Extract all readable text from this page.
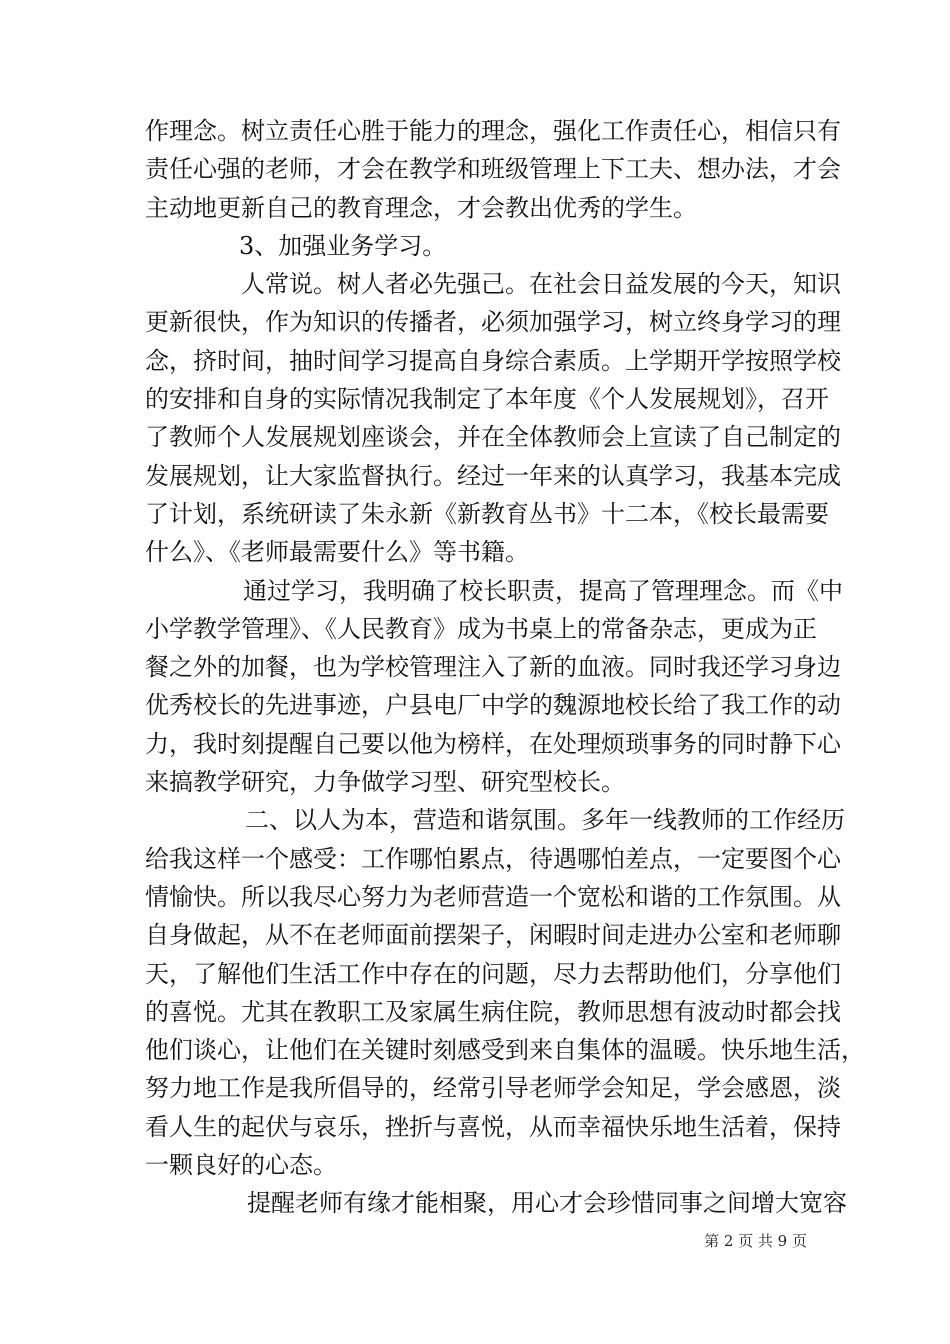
作理念。树立责任心胜于能力的理念，强化工作责任心，相信只有
责任心强的老师，才会在教学和班级管理上下工夫、想办法，才会
主动地更新自己的教育理念，才会教出优秀的学生。
3、加强业务学习。
人常说。树人者必先强己。在社会日益发展的今天，知识
更新很快，作为知识的传播者，必须加强学习，树立终身学习的理
念，挤时间，抽时间学习提高自身综合素质。上学期开学按照学校
的安排和自身的实际情况我制定了本年度《个人发展规划》，召开
了教师个人发展规划座谈会，并在全体教师会上宣读了自己制定的
发展规划，让大家监督执行。经过一年来的认真学习，我基本完成
了计划，系统研读了朱永新《新教育丛书》十二本，《校长最需要
什么》、《老师最需要什么》等书籍。
通过学习，我明确了校长职责，提高了管理理念。而《中
小学教学管理》、《人民教育》成为书桌上的常备杂志，更成为正
餐之外的加餐，也为学校管理注入了新的血液。同时我还学习身边
优秀校长的先进事迹，户县电厂中学的魏源地校长给了我工作的动
力，我时刻提醒自己要以他为榜样，在处理烦琐事务的同时静下心
来搞教学研究，力争做学习型、研究型校长。
二、以人为本，营造和谐氛围。多年一线教师的工作经历
给我这样一个感受：工作哪怕累点，待遇哪怕差点，一定要图个心
情愉快。所以我尽心努力为老师营造一个宽松和谐的工作氛围。从
自身做起，从不在老师面前摆架子，闲暇时间走进办公室和老师聊
天，了解他们生活工作中存在的问题，尽力去帮助他们，分享他们
的喜悦。尤其在教职工及家属生病住院，教师思想有波动时都会找
他们谈心，让他们在关键时刻感受到来自集体的温暖。快乐地生活，
努力地工作是我所倡导的，经常引导老师学会知足，学会感恩，淡
看人生的起伏与哀乐，挫折与喜悦，从而幸福快乐地生活着，保持
一颗良好的心态。
提醒老师有缘才能相聚，用心才会珍惜同事之间增大宽容
第 2 页 共 9 页
